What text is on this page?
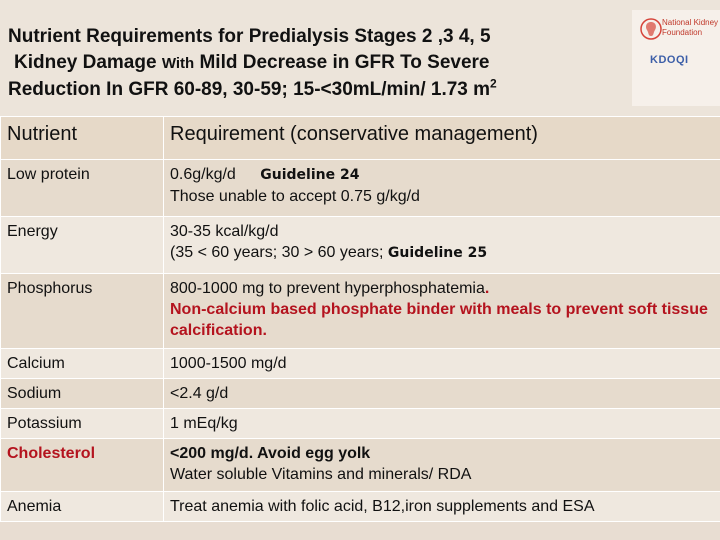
Nutrient Requirements for Predialysis Stages 2 ,3 4, 5
Kidney Damage With Mild Decrease in GFR To Severe
Reduction In GFR 60-89, 30-59; 15-<30mL/min/ 1.73 $m^2$
National Kidney
Foundation
KDOQI
Nutrient	Requirement (conservative management)
Low protein	0.6g/kg/d Guideline 24
Those unable to accept 0.75 g/kg/d
Energy	30-35 kcal/kg/d
(35 < 60 years; 30 > 60 years; Guideline 25
Phosphorus	800-1000 mg to prevent hyperphosphatemia.
Non-calcium based phosphate binder with meals to prevent soft tissue calcification.
Calcium	1000-1500 mg/d
Sodium	<2.4 g/d
Potassium	1 mEq/kg
Cholesterol	<200 mg/d. Avoid egg yolk
Water soluble Vitamins and minerals/ RDA
Anemia	Treat anemia with folic acid, B12,iron supplements and ESA
